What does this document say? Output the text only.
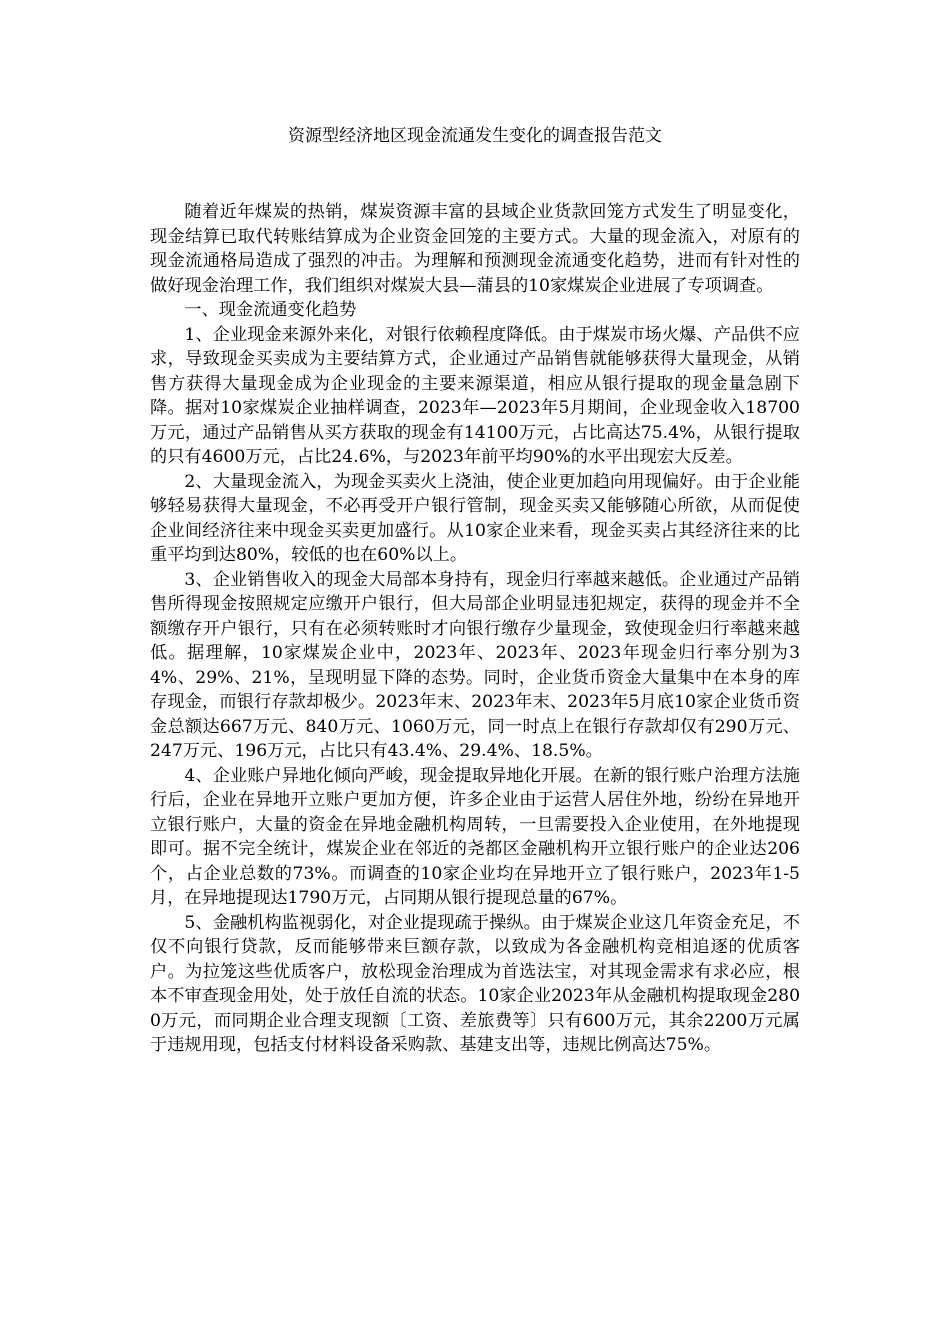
资源型经济地区现金流通发生变化的调查报告范文

随着近年煤炭的热销，煤炭资源丰富的县域企业货款回笼方式发生了明显变化，现金结算已取代转账结算成为企业资金回笼的主要方式。大量的现金流入，对原有的现金流通格局造成了强烈的冲击。为理解和预测现金流通变化趋势，进而有针对性的做好现金治理工作，我们组织对煤炭大县—蒲县的10家煤炭企业进展了专项调查。

一、现金流通变化趋势

1、企业现金来源外来化，对银行依赖程度降低。由于煤炭市场火爆、产品供不应求，导致现金买卖成为主要结算方式，企业通过产品销售就能够获得大量现金，从销售方获得大量现金成为企业现金的主要来源渠道，相应从银行提取的现金量急剧下降。据对10家煤炭企业抽样调查，2023年—2023年5月期间，企业现金收入18700万元，通过产品销售从买方获取的现金有14100万元，占比高达75.4%，从银行提取的只有4600万元，占比24.6%，与2023年前平均90%的水平出现宏大反差。

2、大量现金流入，为现金买卖火上浇油，使企业更加趋向用现偏好。由于企业能够轻易获得大量现金，不必再受开户银行管制，现金买卖又能够随心所欲，从而促使企业间经济往来中现金买卖更加盛行。从10家企业来看，现金买卖占其经济往来的比重平均到达80%，较低的也在60%以上。

3、企业销售收入的现金大局部本身持有，现金归行率越来越低。企业通过产品销售所得现金按照规定应缴开户银行，但大局部企业明显违犯规定，获得的现金并不全额缴存开户银行，只有在必须转账时才向银行缴存少量现金，致使现金归行率越来越低。据理解，10家煤炭企业中，2023年、2023年、2023年现金归行率分别为34%、29%、21%，呈现明显下降的态势。同时，企业货币资金大量集中在本身的库存现金，而银行存款却极少。2023年末、2023年末、2023年5月底10家企业货币资金总额达667万元、840万元、1060万元，同一时点上在银行存款却仅有290万元、247万元、196万元，占比只有43.4%、29.4%、18.5%。

4、企业账户异地化倾向严峻，现金提取异地化开展。在新的银行账户治理方法施行后，企业在异地开立账户更加方便，许多企业由于运营人居住外地，纷纷在异地开立银行账户，大量的资金在异地金融机构周转，一旦需要投入企业使用，在外地提现即可。据不完全统计，煤炭企业在邻近的尧都区金融机构开立银行账户的企业达206个，占企业总数的73%。而调查的10家企业均在异地开立了银行账户，2023年1-5月，在异地提现达1790万元，占同期从银行提现总量的67%。

5、金融机构监视弱化，对企业提现疏于操纵。由于煤炭企业这几年资金充足，不仅不向银行贷款，反而能够带来巨额存款，以致成为各金融机构竞相追逐的优质客户。为拉笼这些优质客户，放松现金治理成为首选法宝，对其现金需求有求必应，根本不审查现金用处，处于放任自流的状态。10家企业2023年从金融机构提取现金2800万元，而同期企业合理支现额〔工资、差旅费等〕只有600万元，其余2200万元属于违规用现，包括支付材料设备采购款、基建支出等，违规比例高达75%。
